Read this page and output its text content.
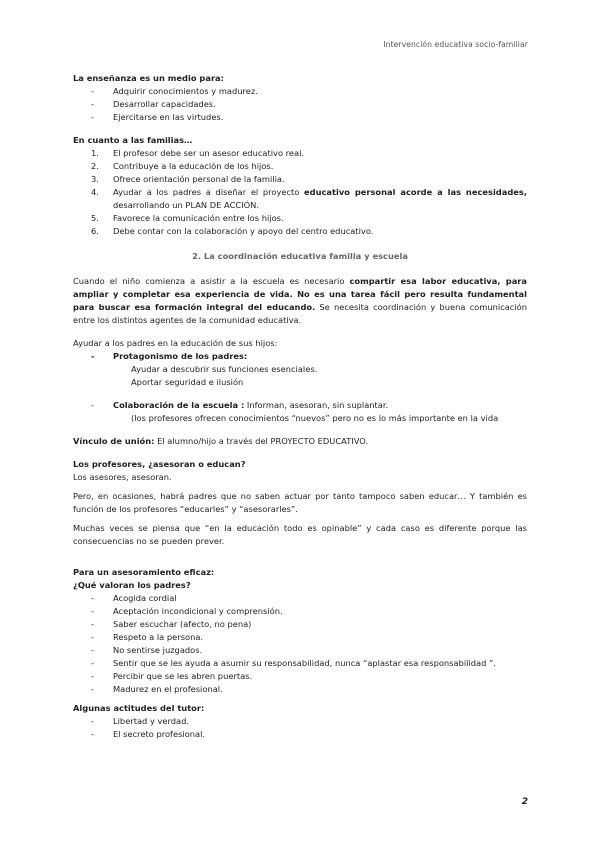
Intervención educativa socio-familiar

La enseñanza es un medio para:

- Adquirir conocimientos y madurez.
- Desarrollar capacidades.
- Ejercitarse en las virtudes.

En cuanto a las familias…

1. El profesor debe ser un asesor educativo real.
2. Contribuye a la educación de los hijos.
3. Ofrece orientación personal de la familia.
4. Ayudar a los padres a diseñar el proyecto educativo personal acorde a las necesidades, desarrollando un PLAN DE ACCIÓN.
5. Favorece la comunicación entre los hijos.
6. Debe contar con la colaboración y apoyo del centro educativo.

2. La coordinación educativa familia y escuela

Cuando el niño comienza a asistir a la escuela es necesario compartir esa labor educativa, para ampliar y completar esa experiencia de vida. No es una tarea fácil pero resulta fundamental para buscar esa formación integral del educando. Se necesita coordinación y buena comunicación entre los distintos agentes de la comunidad educativa.

Ayudar a los padres en la educación de sus hijos:

- Protagonismo de los padres:
Ayudar a descubrir sus funciones esenciales.
Aportar seguridad e ilusión
- Colaboración de la escuela : Informan, asesoran, sin suplantar.
(los profesores ofrecen conocimientos “nuevos” pero no es lo más importante en la vida

Vínculo de unión: El alumno/hijo a través del PROYECTO EDUCATIVO.

Los profesores, ¿asesoran o educan?

Los asesores, asesoran.

Pero, en ocasiones, habrá padres que no saben actuar por tanto tampoco saben educar… Y también es función de los profesores “educarles” y “asesorarles”.

Muchas veces se piensa que “en la educación todo es opinable” y cada caso es diferente porque las consecuencias no se pueden prever.

Para un asesoramiento eficaz:

¿Qué valoran los padres?

- Acogida cordial
- Aceptación incondicional y comprensión.
- Saber escuchar (afecto, no pena)
- Respeto a la persona.
- No sentirse juzgados.
- Sentir que se les ayuda a asumir su responsabilidad, nunca “aplastar esa responsabilidad ”.
- Percibir que se les abren puertas.
- Madurez en el profesional.

Algunas actitudes del tutor:

- Libertad y verdad.
- El secreto profesional.
2
